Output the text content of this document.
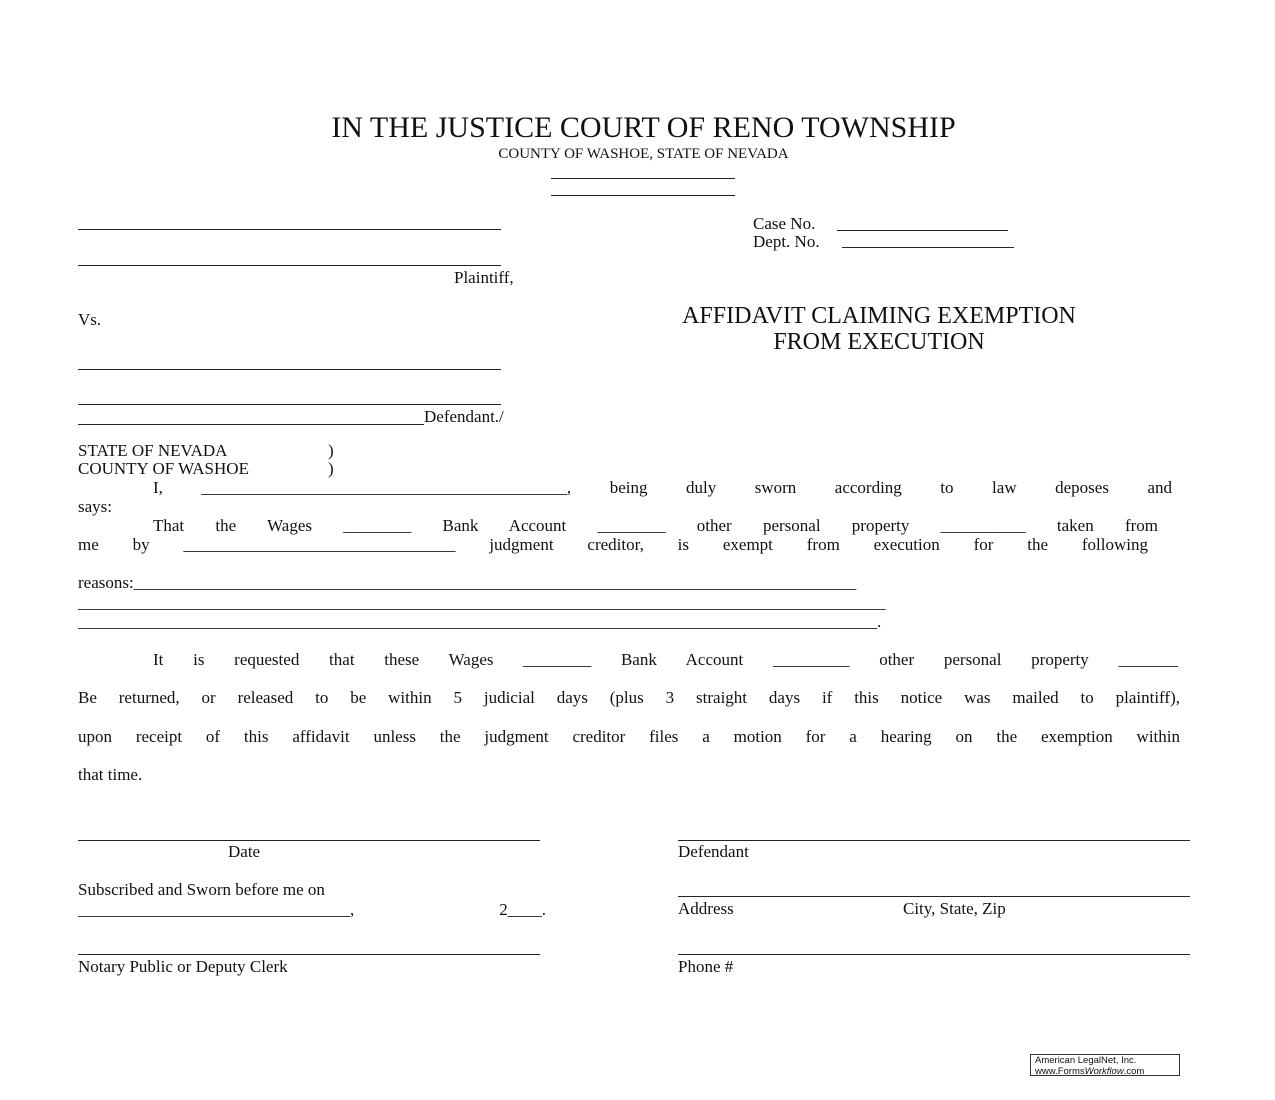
IN THE JUSTICE COURT OF RENO TOWNSHIP
COUNTY OF WASHOE, STATE OF NEVADA
Plaintiff,
Case No.
Dept. No.
Vs.	AFFIDAVIT CLAIMING EXEMPTION
FROM EXECUTION
Defendant./
STATE OF NEVADA	)
COUNTY OF WASHOE	)
I, ___________________________________________, being duly sworn according to law deposes and
says:
That the Wages ________ Bank Account ________ other personal property __________ taken from
me by ________________________________ judgment creditor, is exempt from execution for the following
reasons:_____________________________________________________________________________________
_______________________________________________________________________________________________
______________________________________________________________________________________________.
It is requested that these Wages ________ Bank Account _________ other personal property _______
Be returned, or released to be within 5 judicial days (plus 3 straight days if this notice was mailed to plaintiff),
upon receipt of this affidavit unless the judgment creditor files a motion for a hearing on the exemption within
that time.
Date	Defendant
Subscribed and Sworn before me on
________________________________, 2____.	Address	City, State, Zip
Notary Public or Deputy Clerk	Phone #
American LegalNet, Inc.
www.FormsWorkflow.com
